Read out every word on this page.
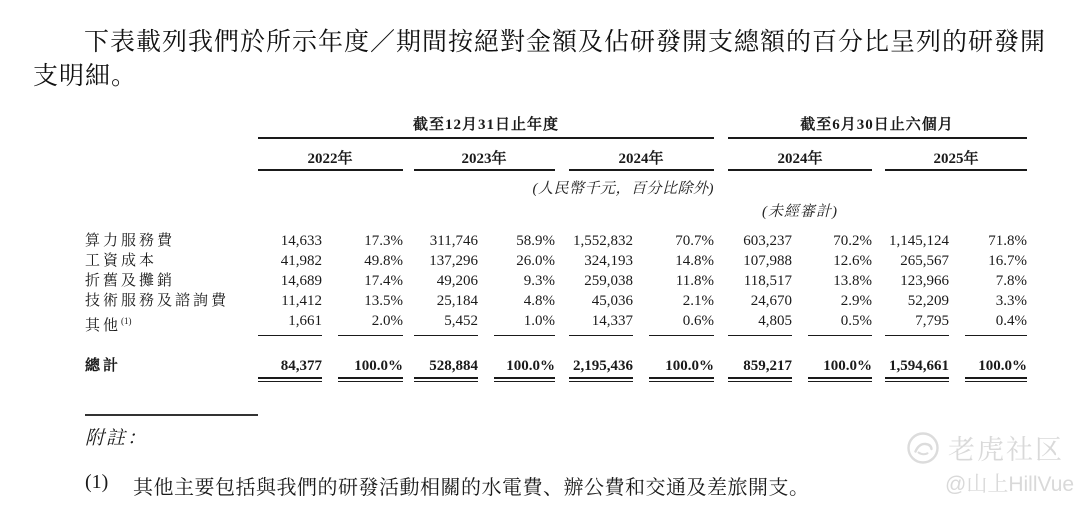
下表載列我們於所示年度／期間按絕對金額及佔研發開支總額的百分比呈列的研發開
支明細。
截至12月31日止年度	截至6月30日止六個月
2022年	2023年	2024年	2024年	2025年
(人民幣千元，百分比除外)
(未經審計)
算力服務費	14,633	17.3%	311,746	58.9% 1,552,832	70.7%	603,237	70.2% 1,145,124	71.8%
工資成本	41,982	49.8%	137,296	26.0%	324,193	14.8%	107,988	12.6%	265,567	16.7%
折舊及攤銷	14,689	17.4%	49,206	9.3%	259,038	11.8%	118,517	13.8%	123,966	7.8%
技術服務及諮詢費	11,412	13.5%	25,184	4.8%	45,036	2.1%	24,670	2.9%	52,209	3.3%
其他$^{(1)}$	1,661	2.0%	5,452	1.0%	14,337	0.6%	4,805	0.5%	7,795	0.4%
總計	84,377	100.0%	528,884	100.0% 2,195,436	100.0%	859,217	100.0% 1,594,661	100.0%
附註：
(1) 其他主要包括與我們的研發活動相關的水電費、辦公費和交通及差旅開支。
老虎社区
@山上HillVue
